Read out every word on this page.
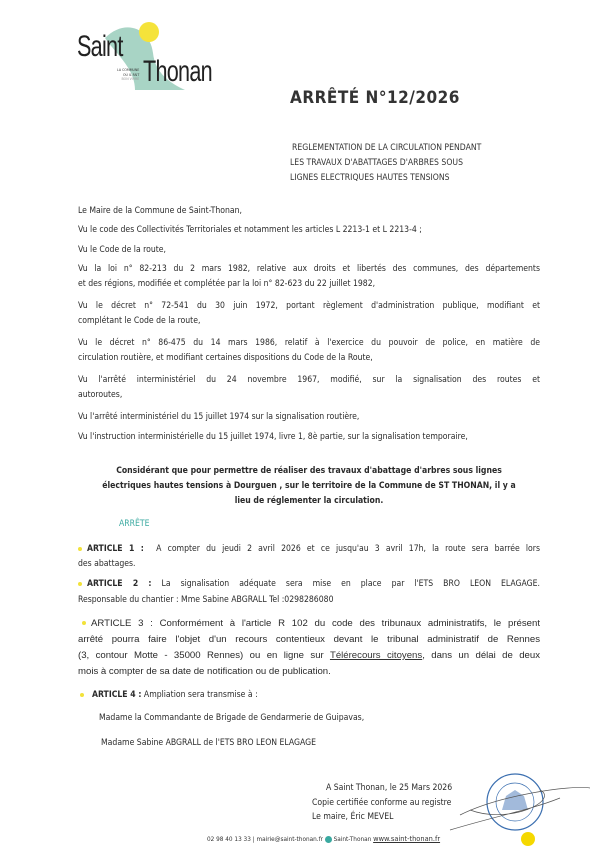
Saint
Thonan
LA COMMUNE
OÙ IL FAIT
BON VIVRE
ARRÊTÉ N°12/2026
REGLEMENTATION DE LA CIRCULATION PENDANT
LES TRAVAUX D'ABATTAGES D'ARBRES SOUS
LIGNES ELECTRIQUES HAUTES TENSIONS
Le Maire de la Commune de Saint-Thonan,
Vu le code des Collectivités Territoriales et notamment les articles L 2213-1 et L 2213-4 ;
Vu le Code de la route,
Vu la loi n° 82-213 du 2 mars 1982, relative aux droits et libertés des communes, des départements
et des régions, modifiée et complétée par la loi n° 82-623 du 22 juillet 1982,
Vu le décret n° 72-541 du 30 juin 1972, portant règlement d'administration publique, modifiant et
complétant le Code de la route,
Vu le décret n° 86-475 du 14 mars 1986, relatif à l'exercice du pouvoir de police, en matière de
circulation routière, et modifiant certaines dispositions du Code de la Route,
Vu l'arrêté interministériel du 24 novembre 1967, modifié, sur la signalisation des routes et
autoroutes,
Vu l'arrêté interministériel du 15 juillet 1974 sur la signalisation routière,
Vu l'instruction interministérielle du 15 juillet 1974, livre 1, 8è partie, sur la signalisation temporaire,
Considérant que pour permettre de réaliser des travaux d'abattage d'arbres sous lignes
électriques hautes tensions à Dourguen , sur le territoire de la Commune de ST THONAN, il y a
lieu de réglementer la circulation.
ARRÊTE
ARTICLE 1 : A compter du jeudi 2 avril 2026 et ce jusqu'au 3 avril 17h, la route sera barrée lors
des abattages.
ARTICLE 2 : La signalisation adéquate sera mise en place par l'ETS BRO LEON ELAGAGE.
Responsable du chantier : Mme Sabine ABGRALL Tel :0298286080
ARTICLE 3 : Conformément à l'article R 102 du code des tribunaux administratifs, le présent
arrêté pourra faire l'objet d'un recours contentieux devant le tribunal administratif de Rennes
(3, contour Motte - 35000 Rennes) ou en ligne sur Télérecours citoyens, dans un délai de deux
mois à compter de sa date de notification ou de publication.
ARTICLE 4 : Ampliation sera transmise à :
Madame la Commandante de Brigade de Gendarmerie de Guipavas,
Madame Sabine ABGRALL de l'ETS BRO LEON ELAGAGE
A Saint Thonan, le 25 Mars 2026
Copie certifiée conforme au registre
Le maire, Éric MEVEL
02 98 40 13 33 | mairie@saint-thonan.fr Saint-Thonan www.saint-thonan.fr
